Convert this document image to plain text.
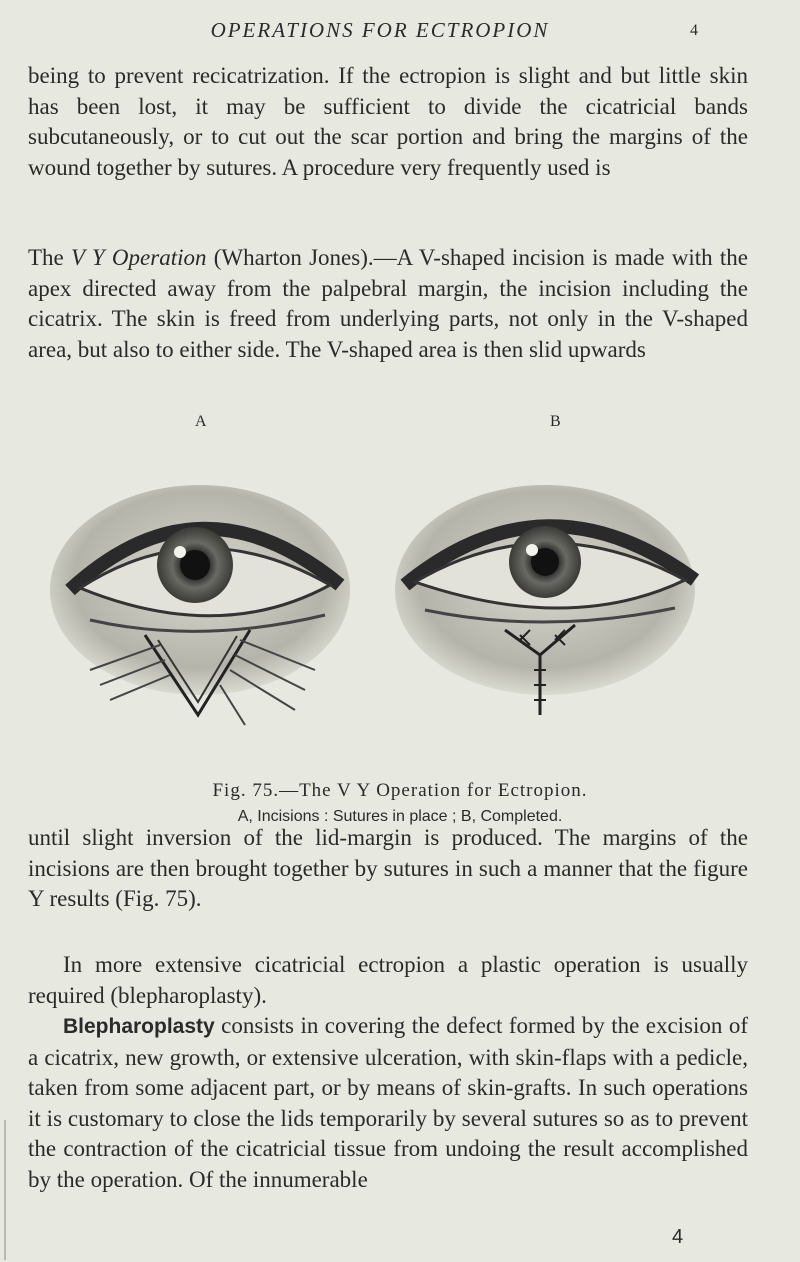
OPERATIONS FOR ECTROPION	4

being to prevent recicatrization. If the ectropion is slight and but little skin has been lost, it may be sufficient to divide the cicatricial bands subcutaneously, or to cut out the scar portion and bring the margins of the wound together by sutures. A procedure very frequently used is

The V Y Operation (Wharton Jones).—A V-shaped incision is made with the apex directed away from the palpebral margin, the incision including the cicatrix. The skin is freed from underlying parts, not only in the V-shaped area, but also to either side. The V-shaped area is then slid upwards

A	B
Fig. 75.—The V Y Operation for Ectropion.
A, Incisions : Sutures in place ; B, Completed.

until slight inversion of the lid-margin is produced. The margins of the incisions are then brought together by sutures in such a manner that the figure Y results (Fig. 75).

In more extensive cicatricial ectropion a plastic operation is usually required (blepharoplasty).

Blepharoplasty consists in covering the defect formed by the excision of a cicatrix, new growth, or extensive ulceration, with skin-flaps with a pedicle, taken from some adjacent part, or by means of skin-grafts. In such operations it is customary to close the lids temporarily by several sutures so as to prevent the contraction of the cicatricial tissue from undoing the result accomplished by the operation. Of the innumerable

4
